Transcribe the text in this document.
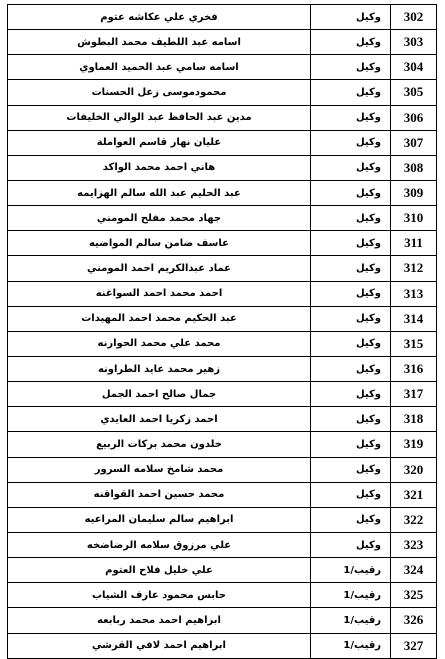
302	وكيل	فخري علي عكاشه عتوم
303	وكيل	اسامه عبد اللطيف محمد البطوش
304	وكيل	اسامه سامي عبد الحميد العماوي
305	وكيل	محمودموسى زعل الحسنات
306	وكيل	مدين عبد الحافظ عبد الوالي الخليفات
307	وكيل	عليان نهار قاسم العواملة
308	وكيل	هاني احمد محمد الواكد
309	وكيل	عبد الحليم عبد الله سالم الهزايمه
310	وكيل	جهاد محمد مفلح المومني
311	وكيل	عاسف ضامن سالم المواضيه
312	وكيل	عماد عبدالكريم احمد المومني
313	وكيل	احمد محمد احمد السواغنه
314	وكيل	عبد الحكيم محمد احمد المهيدات
315	وكيل	محمد علي محمد الحوارنه
316	وكيل	زهير محمد عايد الطراونه
317	وكيل	جمال صالح احمد الجمل
318	وكيل	احمد زكريا احمد العايدي
319	وكيل	خلدون محمد بركات الربيع
320	وكيل	محمد شامخ سلامه السرور
321	وكيل	محمد حسين احمد القواقنه
322	وكيل	ابراهيم سالم سليمان المراعيه
323	وكيل	علي مرزوق سلامه الرضاضخه
324	رقيب/1	علي خليل فلاح العتوم
325	رقيب/1	حابس محمود عارف الشياب
326	رقيب/1	ابراهيم احمد محمد ربابعه
327	رقيب/1	ابراهيم احمد لافي القرشي
